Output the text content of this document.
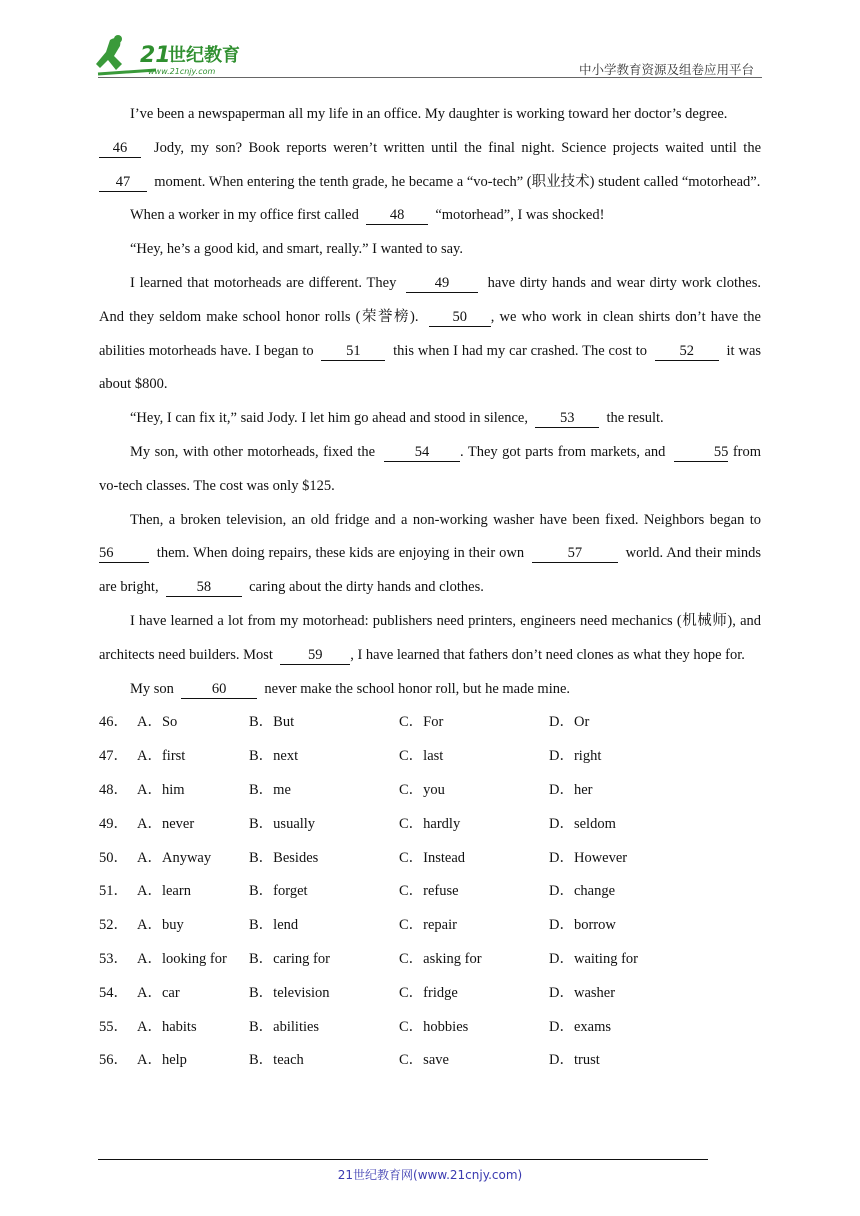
21
世纪教育
www.21cnjy.com	中小学教育资源及组卷应用平台

I’ve been a newspaperman all my life in an office. My daughter is working toward her doctor’s degree.

46 Jody, my son? Book reports weren’t written until the final night. Science projects waited until the 47 moment. When entering the tenth grade, he became a “vo-tech” (职业技术) student called “motorhead”.

When a worker in my office first called 48 “motorhead”, I was shocked!

“Hey, he’s a good kid, and smart, really.” I wanted to say.

I learned that motorheads are different. They	49	have dirty hands and wear dirty work clothes. And they seldom make school honor rolls (荣誉榜). 50 , we who work in clean shirts don’t have the abilities motorheads have. I began to 51 this when I had my car crashed. The cost to 52 it was about $800.

“Hey, I can fix it,” said Jody. I let him go ahead and stood in silence, 53 the result.

My son, with other motorheads, fixed the	54 . They got parts from markets, and	55 from vo-tech classes. The cost was only $125.

Then, a broken television, an old fridge and a non-working washer have been fixed. Neighbors began to 56	them. When doing repairs, these kids are enjoying in their own	57	world. And their minds are bright,	58	caring about the dirty hands and clothes.

I have learned a lot from my motorhead: publishers need printers, engineers need mechanics (机械师), and architects need builders. Most 59 , I have learned that fathers don’t need clones as what they hope for.

My son	60	never make the school honor roll, but he made mine.

46． A．So	B．But	C．For	D．Or
47． A．first	B．next	C．last	D．right
48． A．him	B．me	C．you	D．her
49． A．never	B．usually	C．hardly	D．seldom
50． A．Anyway	B．Besides	C．Instead	D．However
51． A．learn	B．forget	C．refuse	D．change
52． A．buy	B．lend	C．repair	D．borrow
53． A．looking for	B．caring for	C．asking for	D．waiting for
54． A．car	B．television	C．fridge	D．washer
55． A．habits	B．abilities	C．hobbies	D．exams
56． A．help	B．teach	C．save	D．trust
21世纪教育网(www.21cnjy.com)
